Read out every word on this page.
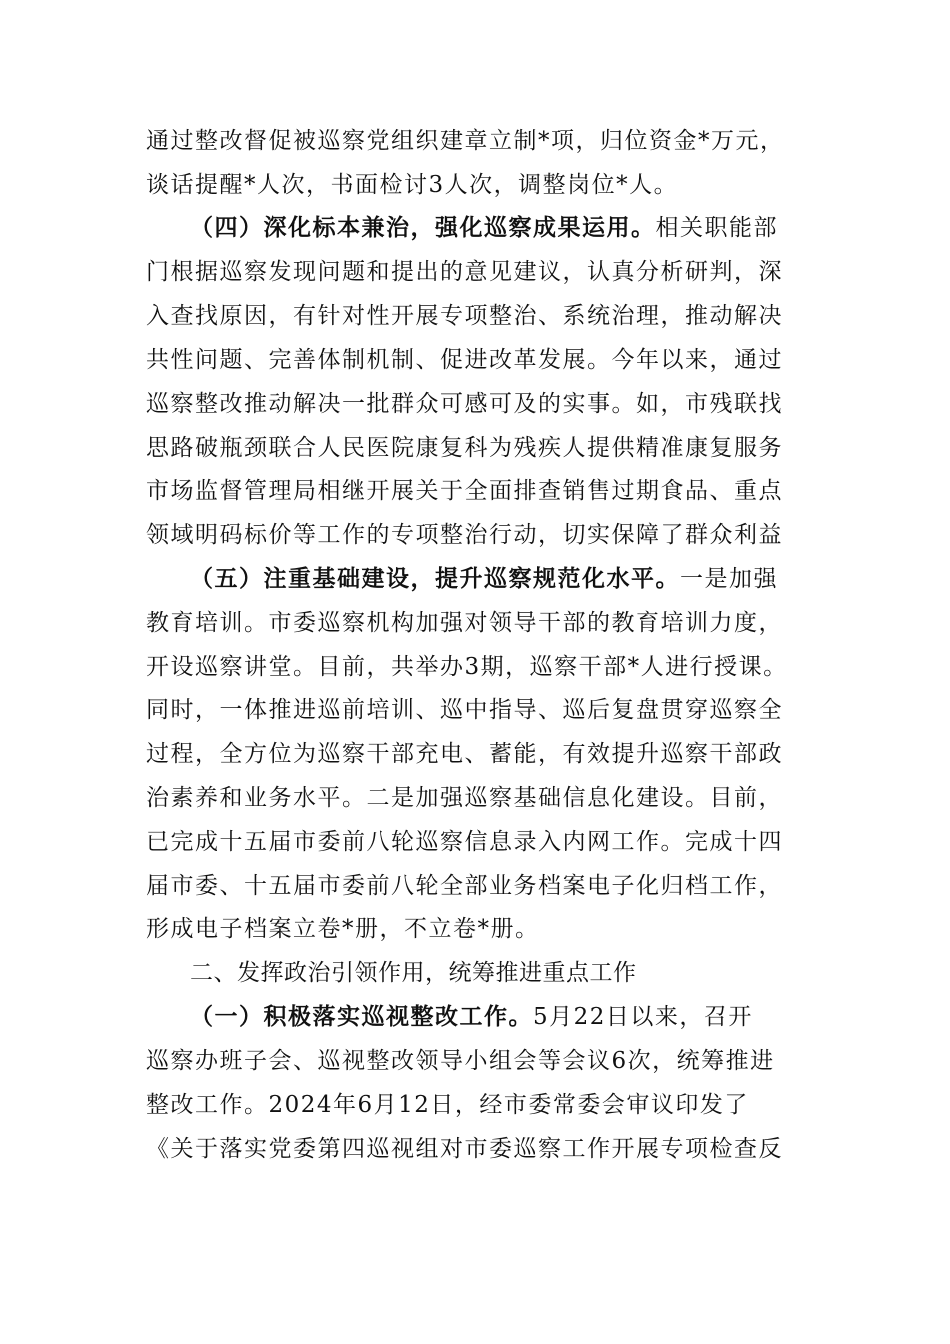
通过整改督促被巡察党组织建章立制*项，归位资金*万元，
谈话提醒*人次，书面检讨3人次，调整岗位*人。
（四）深化标本兼治，强化巡察成果运用。相关职能部
门根据巡察发现问题和提出的意见建议，认真分析研判，深
入查找原因，有针对性开展专项整治、系统治理，推动解决
共性问题、完善体制机制、促进改革发展。今年以来，通过
巡察整改推动解决一批群众可感可及的实事。如，市残联找
思路破瓶颈联合人民医院康复科为残疾人提供精准康复服务
市场监督管理局相继开展关于全面排查销售过期食品、重点
领域明码标价等工作的专项整治行动，切实保障了群众利益
（五）注重基础建设，提升巡察规范化水平。一是加强
教育培训。市委巡察机构加强对领导干部的教育培训力度，
开设巡察讲堂。目前，共举办3期，巡察干部*人进行授课。
同时，一体推进巡前培训、巡中指导、巡后复盘贯穿巡察全
过程，全方位为巡察干部充电、蓄能，有效提升巡察干部政
治素养和业务水平。二是加强巡察基础信息化建设。目前，
已完成十五届市委前八轮巡察信息录入内网工作。完成十四
届市委、十五届市委前八轮全部业务档案电子化归档工作，
形成电子档案立卷*册，不立卷*册。
二、发挥政治引领作用，统筹推进重点工作
（一）积极落实巡视整改工作。5月22日以来，召开
巡察办班子会、巡视整改领导小组会等会议6次，统筹推进
整改工作。2024年6月12日，经市委常委会审议印发了
《关于落实党委第四巡视组对市委巡察工作开展专项检查反
